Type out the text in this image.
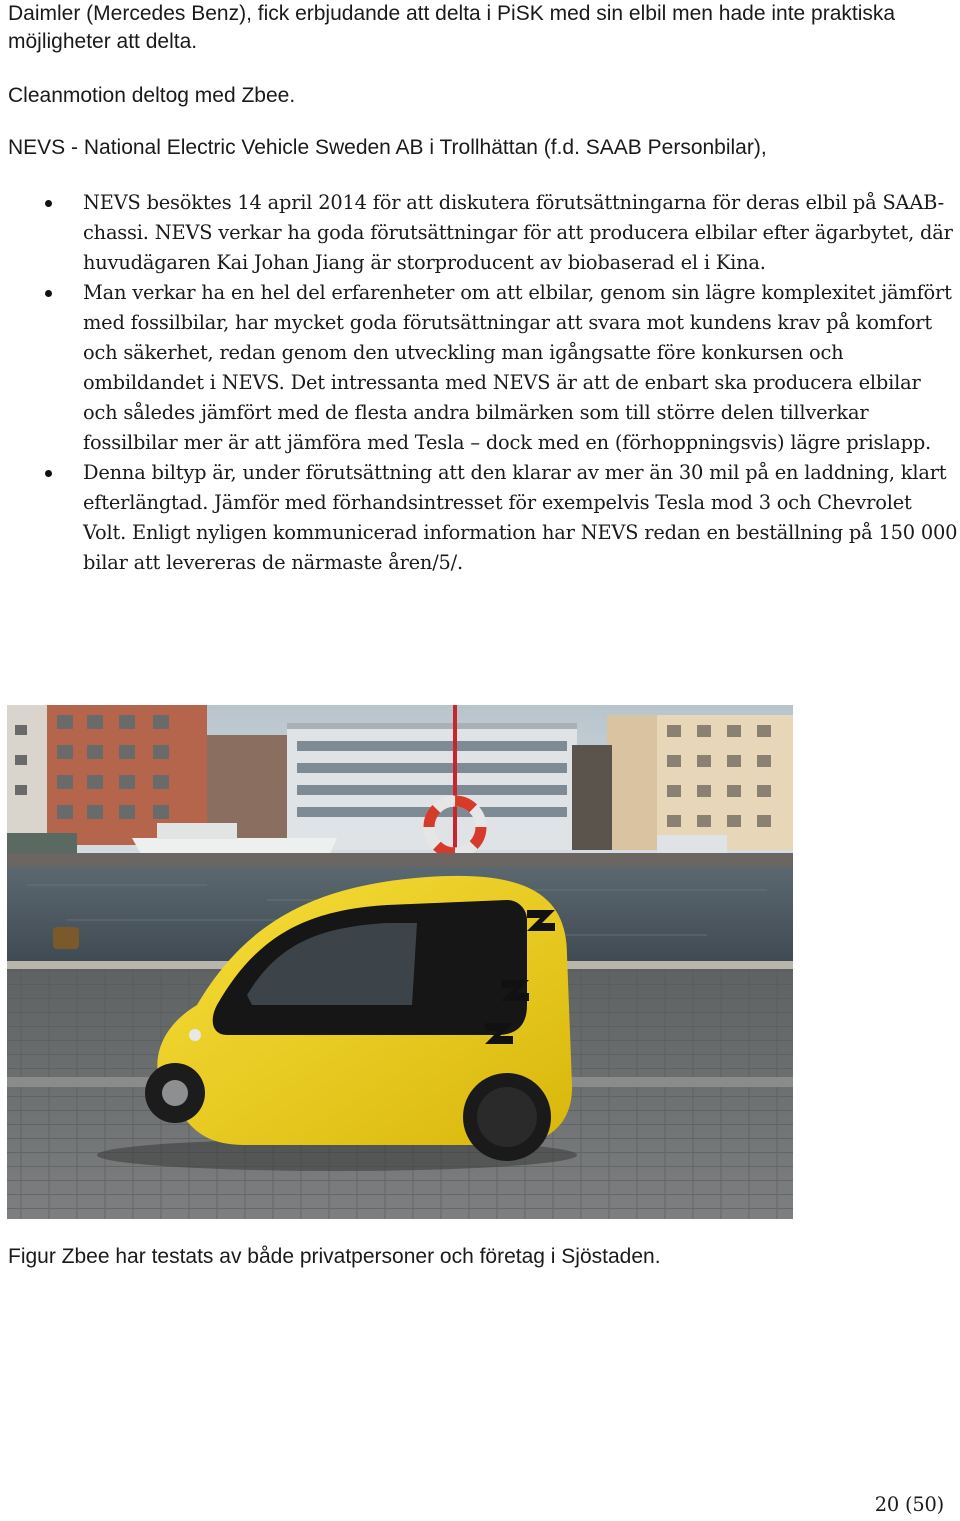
Daimler (Mercedes Benz), fick erbjudande att delta i PiSK med sin elbil men hade inte praktiska möjligheter att delta.

Cleanmotion deltog med Zbee.

NEVS - National Electric Vehicle Sweden AB i Trollhättan (f.d. SAAB Personbilar),

NEVS besöktes 14 april 2014 för att diskutera förutsättningarna för deras elbil på SAAB-chassi. NEVS verkar ha goda förutsättningar för att producera elbilar efter ägarbytet, där huvudägaren Kai Johan Jiang är storproducent av biobaserad el i Kina.
Man verkar ha en hel del erfarenheter om att elbilar, genom sin lägre komplexitet jämfört med fossilbilar, har mycket goda förutsättningar att svara mot kundens krav på komfort och säkerhet, redan genom den utveckling man igångsatte före konkursen och ombildandet i NEVS. Det intressanta med NEVS är att de enbart ska producera elbilar och således jämfört med de flesta andra bilmärken som till större delen tillverkar fossilbilar mer är att jämföra med Tesla – dock med en (förhoppningsvis) lägre prislapp.
Denna biltyp är, under förutsättning att den klarar av mer än 30 mil på en laddning, klart efterlängtad. Jämför med förhandsintresset för exempelvis Tesla mod 3 och Chevrolet Volt. Enligt nyligen kommunicerad information har NEVS redan en beställning på 150 000 bilar att levereras de närmaste åren/5/.

Figur Zbee har testats av både privatpersoner och företag i Sjöstaden.

20 (50)
